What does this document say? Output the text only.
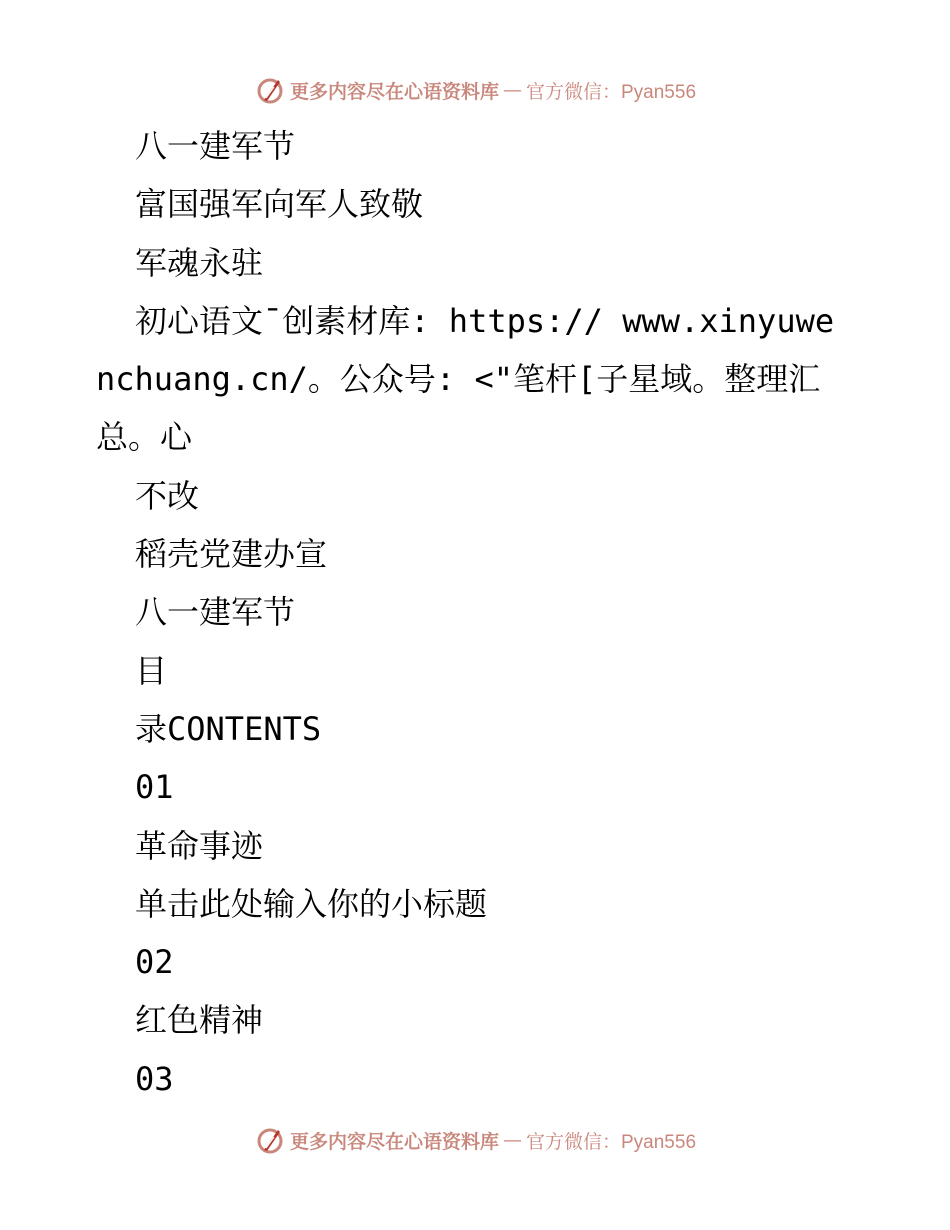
更多内容尽在心语资料库 — 官方微信：Pyan556
八一建军节
富国强军向军人致敬
军魂永驻
初心语文¯创素材库: https:// www.xinyuwenchuang.cn/。公众号: <"笔杆[子星域。整理汇总。心
不改
稻壳党建办宣
八一建军节
目
录CONTENTS
01
革命事迹
单击此处输入你的小标题
02
红色精神
03
更多内容尽在心语资料库 — 官方微信：Pyan556
